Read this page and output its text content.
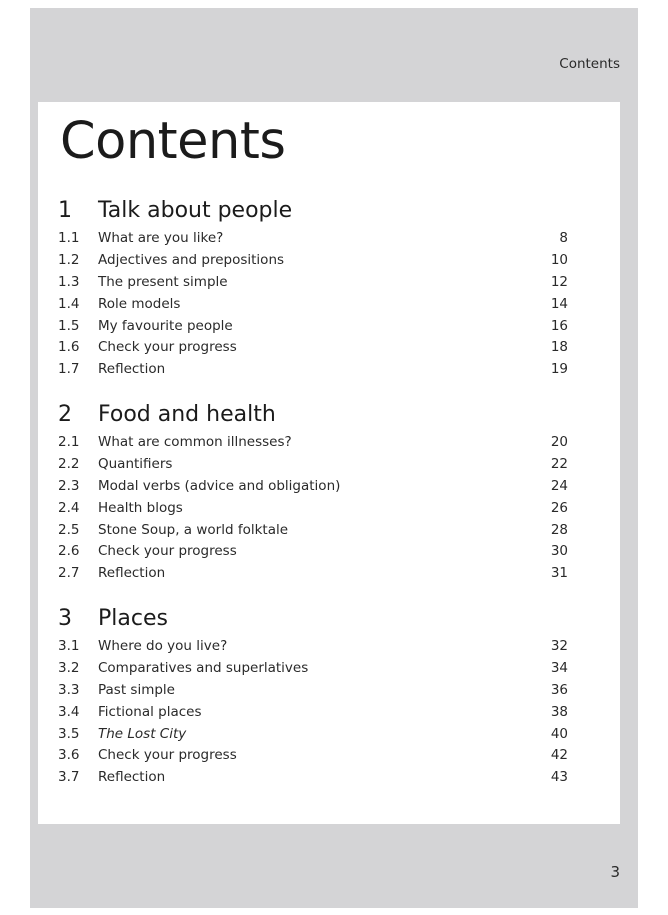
Contents
Contents
1	Talk about people
1.1	What are you like?	8
1.2	Adjectives and prepositions	10
1.3	The present simple	12
1.4	Role models	14
1.5	My favourite people	16
1.6	Check your progress	18
1.7	Reflection	19
2	Food and health
2.1	What are common illnesses?	20
2.2	Quantifiers	22
2.3	Modal verbs (advice and obligation)	24
2.4	Health blogs	26
2.5	Stone Soup, a world folktale	28
2.6	Check your progress	30
2.7	Reflection	31
3	Places
3.1	Where do you live?	32
3.2	Comparatives and superlatives	34
3.3	Past simple	36
3.4	Fictional places	38
3.5	The Lost City	40
3.6	Check your progress	42
3.7	Reflection	43
3
